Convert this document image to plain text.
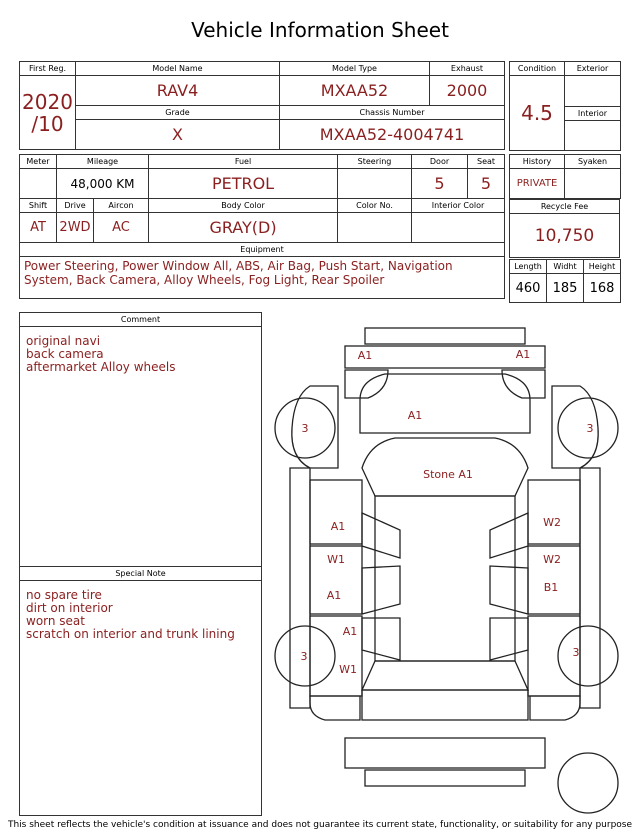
Vehicle Information Sheet
First Reg.	Model Name	Model Type	Exhaust

2020
/10	RAV4	MXAA52	2000
	Grade	Chassis Number	
	X	MXAA52-4004741	
Condition	Exterior
4.5	
	Interior

Meter	Mileage		Fuel	Steering	Door	Seat
	48,000 KM		PETROL		5	5
Shift	Drive	Aircon	Body Color	Color No.	Interior Color	
AT	2WD	AC	GRAY(D)			
Equipment						
Power Steering, Power Window All, ABS, Air Bag, Push Start, Navigation System, Back Camera, Alloy Wheels, Fog Light, Rear Spoiler						
History	Syaken
PRIVATE	
Recycle Fee
10,750
Length	Widht	Height
460	185	168
Comment
original navi
back camera
aftermarket Alloy wheels
Special Note
no spare tire
dirt on interior
worn seat
scratch on interior and trunk lining
A1	A1
A1
Stone A1
A1
W1
A1
A1
W1
W2
W2
B1
3	3
3	3
This sheet reflects the vehicle's condition at issuance and does not guarantee its current state, functionality, or suitability for any purpose
